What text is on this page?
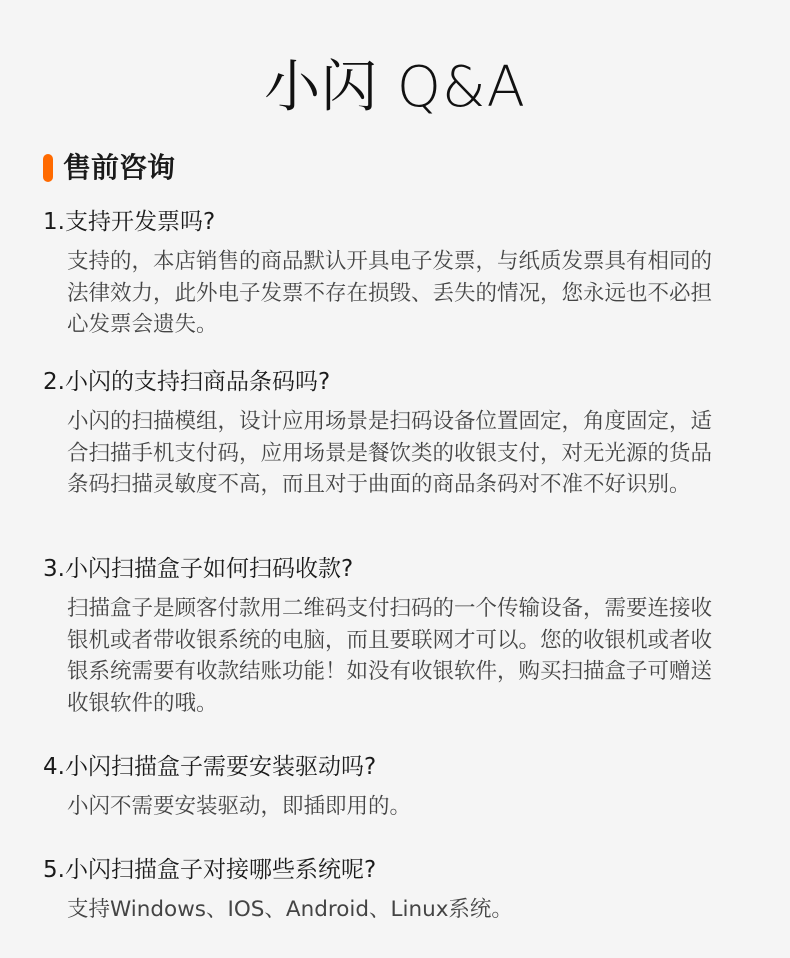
小闪 Q&A
售前咨询

1.支持开发票吗?

支持的，本店销售的商品默认开具电子发票，与纸质发票具有相同的法律效力，此外电子发票不存在损毁、丢失的情况，您永远也不必担心发票会遗失。

2.小闪的支持扫商品条码吗?

小闪的扫描模组，设计应用场景是扫码设备位置固定，角度固定，适合扫描手机支付码，应用场景是餐饮类的收银支付，对无光源的货品条码扫描灵敏度不高，而且对于曲面的商品条码对不准不好识别。

3.小闪扫描盒子如何扫码收款?

扫描盒子是顾客付款用二维码支付扫码的一个传输设备，需要连接收银机或者带收银系统的电脑，而且要联网才可以。您的收银机或者收银系统需要有收款结账功能！如没有收银软件，购买扫描盒子可赠送收银软件的哦。

4.小闪扫描盒子需要安装驱动吗?

小闪不需要安装驱动，即插即用的。

5.小闪扫描盒子对接哪些系统呢?

支持Windows、IOS、Android、Linux系统。
